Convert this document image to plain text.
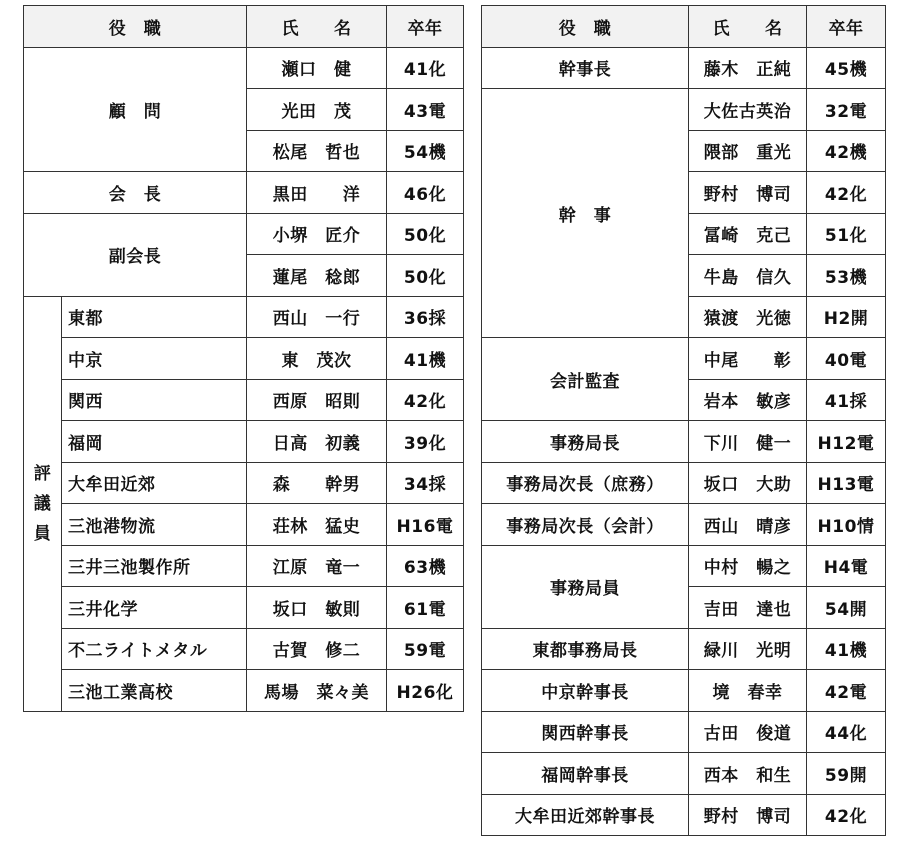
役　職		氏　　名	卒年
顧　問		瀬口　健	41化
		光田　茂	43電
		松尾　哲也	54機
会　長		黒田　　洋	46化
副会長		小堺　匠介	50化
		蓮尾　稔郎	50化

評
議
員	東都	西山　一行	36採
	中京	東　茂次	41機
	関西	西原　昭則	42化
	福岡	日高　初義	39化
	大牟田近郊	森　　幹男	34採
	三池港物流	荘林　猛史	H16電
	三井三池製作所	江原　竜一	63機
	三井化学	坂口　敏則	61電
	不二ライトメタル	古賀　修二	59電
	三池工業高校	馬場　菜々美	H26化
役　職	氏　　名	卒年
幹事長	藤木　正純	45機
幹　事	大佐古英治	32電
	隈部　重光	42機
	野村　博司	42化
	冨崎　克己	51化
	牛島　信久	53機
	猿渡　光徳	H2開
会計監査	中尾　　彰	40電
	岩本　敏彦	41採
事務局長	下川　健一	H12電
事務局次長（庶務）	坂口　大助	H13電
事務局次長（会計）	西山　晴彦	H10情
事務局員	中村　暢之	H4電
	吉田　達也	54開
東都事務局長	緑川　光明	41機
中京幹事長	境　春幸	42電
関西幹事長	古田　俊道	44化
福岡幹事長	西本　和生	59開
大牟田近郊幹事長	野村　博司	42化
